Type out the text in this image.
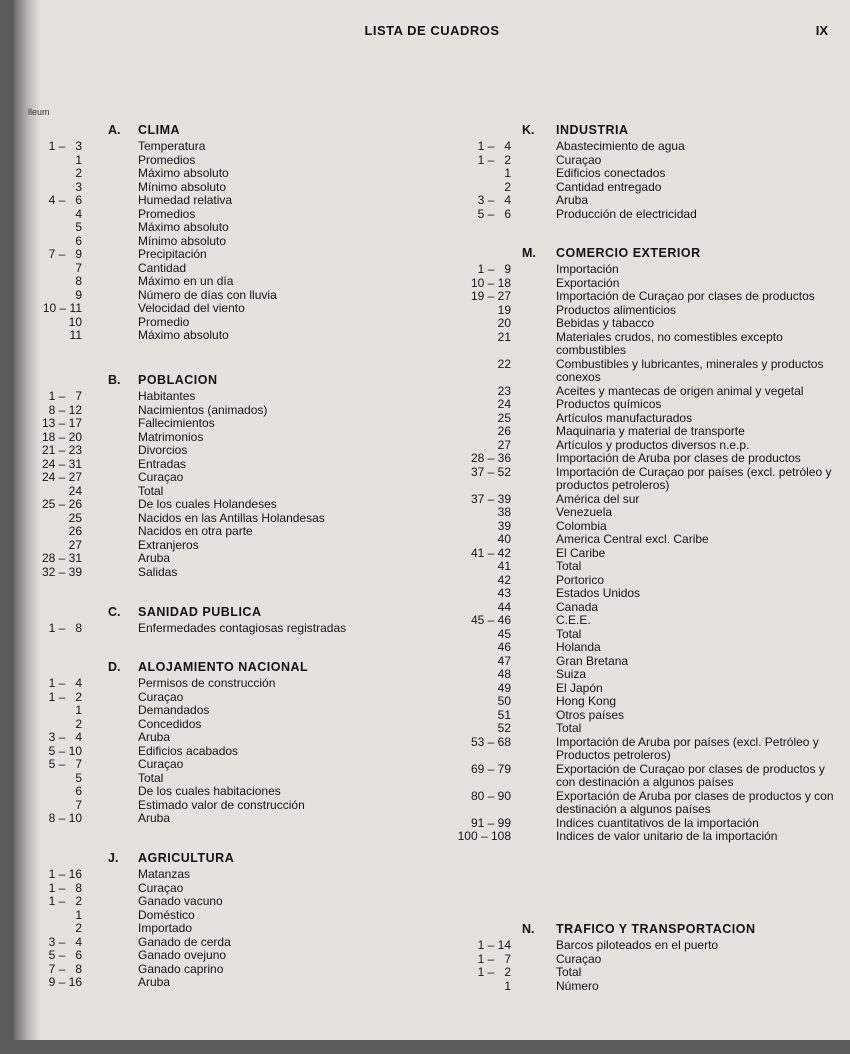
lleum
LISTA DE CUADROS	IX
A. CLIMA
1 –   3	Temperatura
1	Promedios
2	Máximo absoluto
3	Mínimo absoluto
4 –   6	Humedad relativa
4	Promedios
5	Máximo absoluto
6	Mínimo absoluto
7 –   9	Precipitación
7	Cantidad
8	Máximo en un día
9	Número de días con lluvia
10 – 11	Velocidad del viento
10	Promedio
11	Máximo absoluto
B. POBLACION
1 –   7	Habitantes
8 – 12	Nacimientos (animados)
13 – 17	Fallecimientos
18 – 20	Matrimonios
21 – 23	Divorcios
24 – 31	Entradas
24 – 27	Curaçao
24	Total
25 – 26	De los cuales Holandeses
25	Nacidos en las Antillas Holandesas
26	Nacidos en otra parte
27	Extranjeros
28 – 31	Aruba
32 – 39	Salidas
C. SANIDAD PUBLICA
1 –   8	Enfermedades contagiosas registradas
D. ALOJAMIENTO NACIONAL
1 –   4	Permisos de construcción
1 –   2	Curaçao
1	Demandados
2	Concedidos
3 –   4	Aruba
5 – 10	Edificios acabados
5 –   7	Curaçao
5	Total
6	De los cuales habitaciones
7	Estimado valor de construcción
8 – 10	Aruba
J. AGRICULTURA
1 – 16	Matanzas
1 –   8	Curaçao
1 –   2	Ganado vacuno
1	Doméstico
2	Importado
3 –   4	Ganado de cerda
5 –   6	Ganado ovejuno
7 –   8	Ganado caprino
9 – 16	Aruba
K. INDUSTRIA
1 –   4	Abastecimiento de agua
1 –   2	Curaçao
1	Edificios conectados
2	Cantidad entregado
3 –   4	Aruba
5 –   6	Producción de electricidad
M. COMERCIO EXTERIOR
1 –   9	Importación
10 – 18	Exportación
19 – 27	Importación de Curaçao por clases de productos
19	Productos alimenticios
20	Bebidas y tabacco
21	Materiales crudos, no comestibles excepto combustibles
22	Combustibles y lubricantes, minerales y productos conexos
23	Aceites y mantecas de origen animal y vegetal
24	Productos químicos
25	Artículos manufacturados
26	Maquinaria y material de transporte
27	Artículos y productos diversos n.e.p.
28 – 36	Importación de Aruba por clases de productos
37 – 52	Importación de Curaçao por países (excl. petróleo y productos petroleros)
37 – 39	América del sur
38	Venezuela
39	Colombia
40	America Central excl. Caribe
41 – 42	El Caribe
41	Total
42	Portorico
43	Estados Unidos
44	Canada
45 – 46	C.E.E.
45	Total
46	Holanda
47	Gran Bretana
48	Suiza
49	El Japón
50	Hong Kong
51	Otros países
52	Total
53 – 68	Importación de Aruba por países (excl. Petróleo y Productos petroleros)
69 – 79	Exportación de Curaçao por clases de productos y con destinación a algunos países
80 – 90	Exportación de Aruba por clases de productos y con destinación a algunos países
91 – 99	Indices cuantitativos de la importación
100 – 108	Indices de valor unitario de la importación
N. TRAFICO Y TRANSPORTACION
1 – 14	Barcos piloteados en el puerto
1 –   7	Curaçao
1 –   2	Total
1	Número
